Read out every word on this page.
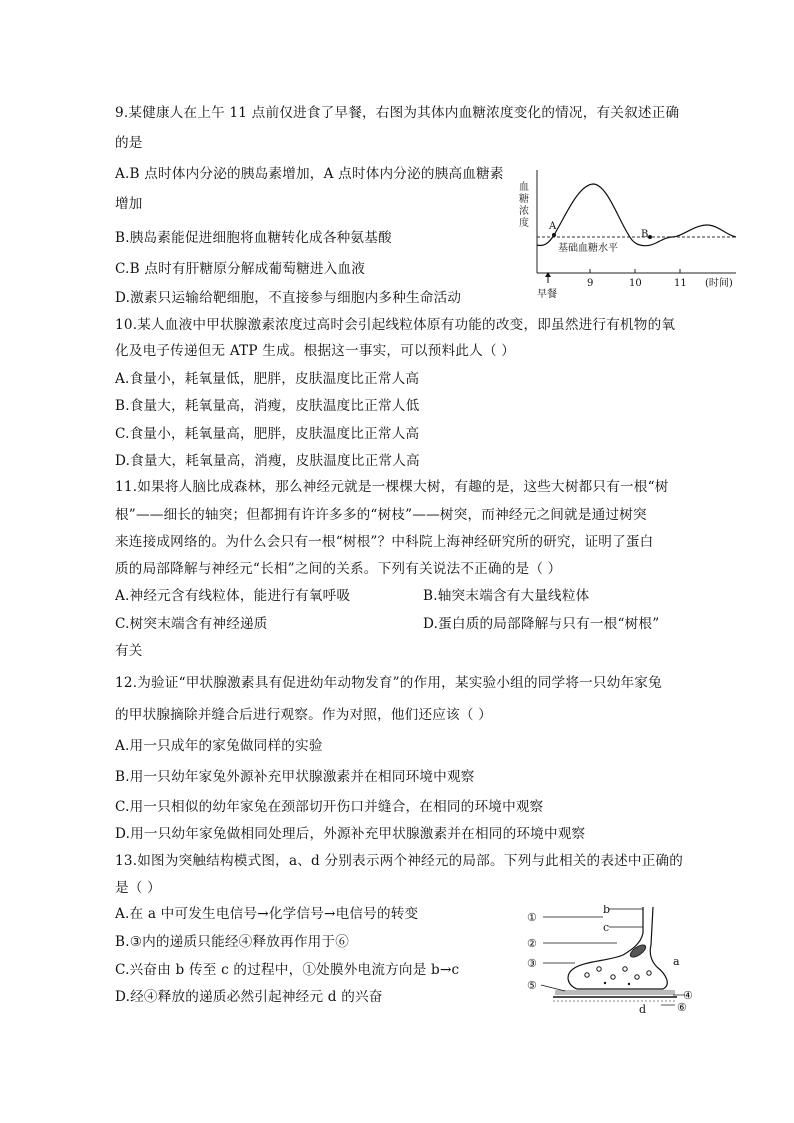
9.某健康人在上午 11 点前仅进食了早餐，右图为其体内血糖浓度变化的情况，有关叙述正确
的是
A.B 点时体内分泌的胰岛素增加，A 点时体内分泌的胰高血糖素
增加
B.胰岛素能促进细胞将血糖转化成各种氨基酸
C.B 点时有肝糖原分解成葡萄糖进入血液
D.激素只运输给靶细胞，不直接参与细胞内多种生命活动
血
糖
浓
度 A
B
基础血糖水平
9	10	11 (时间)
早餐
10.某人血液中甲状腺激素浓度过高时会引起线粒体原有功能的改变，即虽然进行有机物的氧
化及电子传递但无 ATP 生成。根据这一事实，可以预料此人（ ）
A.食量小，耗氧量低，肥胖，皮肤温度比正常人高
B.食量大，耗氧量高，消瘦，皮肤温度比正常人低
C.食量小，耗氧量高，肥胖，皮肤温度比正常人高
D.食量大，耗氧量高，消瘦，皮肤温度比正常人高
11.如果将人脑比成森林，那么神经元就是一棵棵大树，有趣的是，这些大树都只有一根“树
根”——细长的轴突；但都拥有许许多多的“树枝”——树突，而神经元之间就是通过树突
来连接成网络的。为什么会只有一根“树根”？中科院上海神经研究所的研究，证明了蛋白
质的局部降解与神经元“长相”之间的关系。下列有关说法不正确的是（ ）
A.神经元含有线粒体，能进行有氧呼吸	B.轴突末端含有大量线粒体
C.树突末端含有神经递质	D.蛋白质的局部降解与只有一根“树根”
有关
12.为验证“甲状腺激素具有促进幼年动物发育”的作用，某实验小组的同学将一只幼年家兔
的甲状腺摘除并缝合后进行观察。作为对照，他们还应该（ ）
A.用一只成年的家兔做同样的实验
B.用一只幼年家兔外源补充甲状腺激素并在相同环境中观察
C.用一只相似的幼年家兔在颈部切开伤口并缝合，在相同的环境中观察
D.用一只幼年家兔做相同处理后，外源补充甲状腺激素并在相同的环境中观察
13.如图为突触结构模式图，a、d 分别表示两个神经元的局部。下列与此相关的表述中正确的
是（ ）
A.在 a 中可发生电信号→化学信号→电信号的转变
B.③内的递质只能经④释放再作用于⑥
C.兴奋由 b 传至 c 的过程中，①处膜外电流方向是 b→c
D.经④释放的递质必然引起神经元 d 的兴奋
①
②
③
⑤
④
⑥
b
c
a
d
